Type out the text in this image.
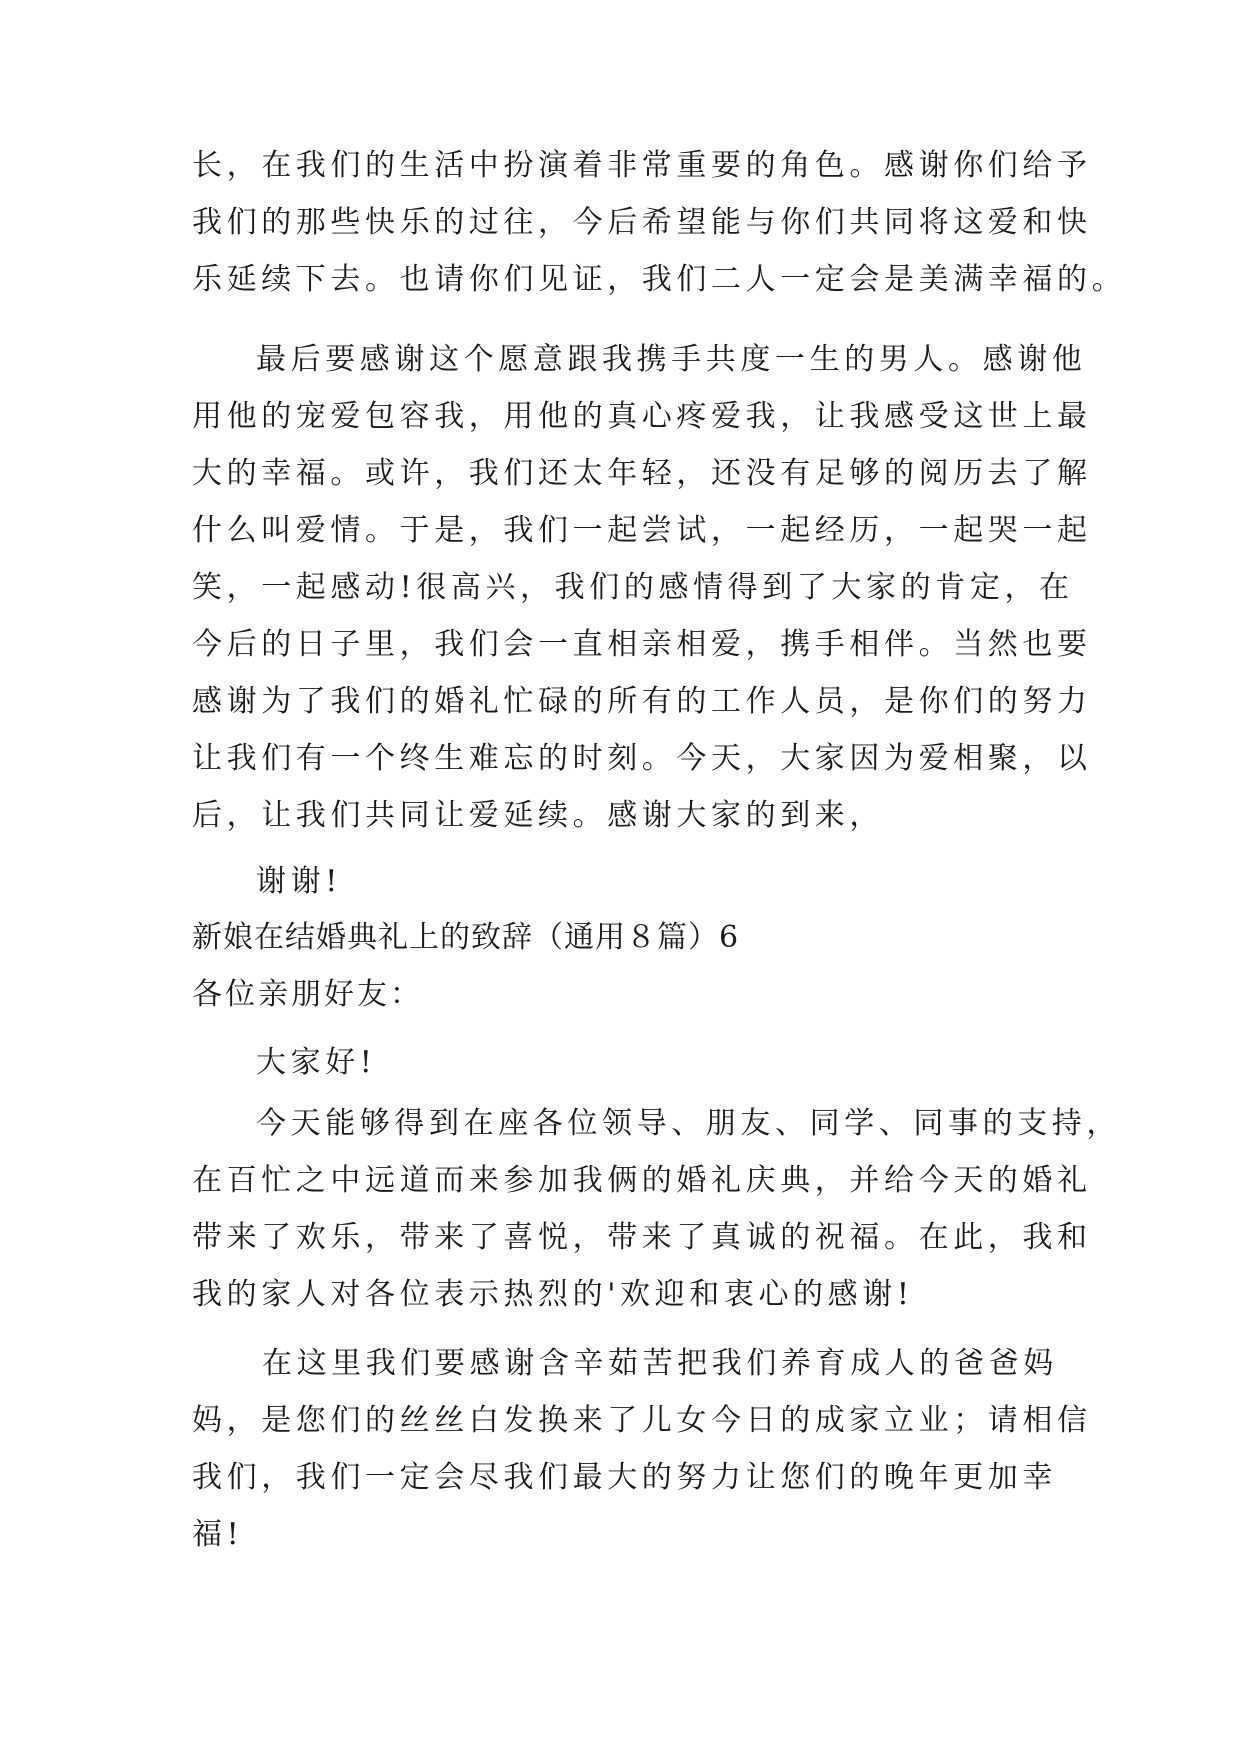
长，在我们的生活中扮演着非常重要的角色。感谢你们给予
我们的那些快乐的过往，今后希望能与你们共同将这爱和快
乐延续下去。也请你们见证，我们二人一定会是美满幸福的。
最后要感谢这个愿意跟我携手共度一生的男人。感谢他
用他的宠爱包容我，用他的真心疼爱我，让我感受这世上最
大的幸福。或许，我们还太年轻，还没有足够的阅历去了解
什么叫爱情。于是，我们一起尝试，一起经历，一起哭一起
笑，一起感动!很高兴，我们的感情得到了大家的肯定，在
今后的日子里，我们会一直相亲相爱，携手相伴。当然也要
感谢为了我们的婚礼忙碌的所有的工作人员，是你们的努力
让我们有一个终生难忘的时刻。今天，大家因为爱相聚，以
后，让我们共同让爱延续。感谢大家的到来，
谢谢!
新娘在结婚典礼上的致辞（通用８篇）6
各位亲朋好友：
大家好!
今天能够得到在座各位领导、朋友、同学、同事的支持，
在百忙之中远道而来参加我俩的婚礼庆典，并给今天的婚礼
带来了欢乐，带来了喜悦，带来了真诚的祝福。在此，我和
我的家人对各位表示热烈的'欢迎和衷心的感谢!
在这里我们要感谢含辛茹苦把我们养育成人的爸爸妈
妈，是您们的丝丝白发换来了儿女今日的成家立业；请相信
我们，我们一定会尽我们最大的努力让您们的晚年更加幸
福!
